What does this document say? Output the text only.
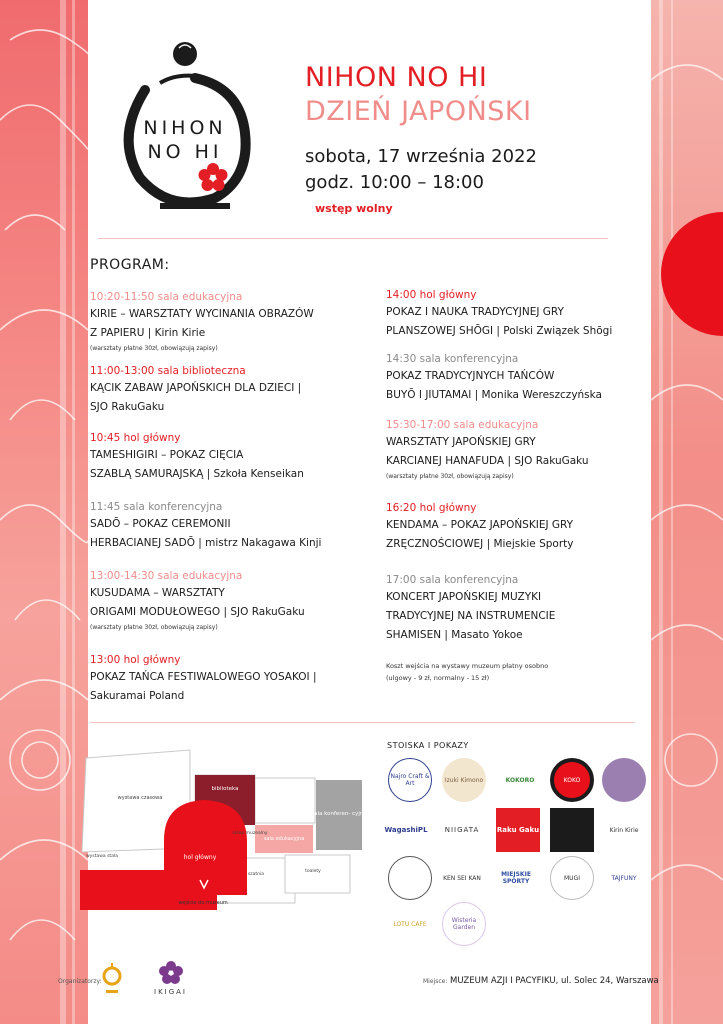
NIHON
NO HI
NIHON NO HI
DZIEŃ JAPOŃSKI
sobota, 17 września 2022
godz. 10:00 – 18:00
wstęp wolny
PROGRAM:
10:20-11:50 sala edukacyjna
KIRIE – WARSZTATY WYCINANIA OBRAZÓW
Z PAPIERU | Kirin Kirie
(warsztaty płatne 30zł, obowiązują zapisy)
11:00-13:00 sala biblioteczna
KĄCIK ZABAW JAPOŃSKICH DLA DZIECI |
SJO RakuGaku
10:45 hol główny
TAMESHIGIRI – POKAZ CIĘCIA
SZABLĄ SAMURAJSKĄ | Szkoła Kenseikan
11:45 sala konferencyjna
SADŌ – POKAZ CEREMONII
HERBACIANEJ SADŌ | mistrz Nakagawa Kinji
13:00-14:30 sala edukacyjna
KUSUDAMA – WARSZTATY
ORIGAMI MODUŁOWEGO | SJO RakuGaku
(warsztaty płatne 30zł, obowiązują zapisy)
13:00 hol główny
POKAZ TAŃCA FESTIWALOWEGO YOSAKOI |
Sakuramai Poland
14:00 hol główny
POKAZ I NAUKA TRADYCYJNEJ GRY
PLANSZOWEJ SHŌGI | Polski Związek Shōgi
14:30 sala konferencyjna
POKAZ TRADYCYJNYCH TAŃCÓW
BUYŌ I JIUTAMAI | Monika Wereszczyńska
15:30-17:00 sala edukacyjna
WARSZTATY JAPOŃSKIEJ GRY
KARCIANEJ HANAFUDA | SJO RakuGaku
(warsztaty płatne 30zł, obowiązują zapisy)
16:20 hol główny
KENDAMA – POKAZ JAPOŃSKIEJ GRY
ZRĘCZNOŚCIOWEJ | Miejskie Sporty
17:00 sala konferencyjna
KONCERT JAPOŃSKIEJ MUZYKI
TRADYCYJNEJ NA INSTRUMENCIE
SHAMISEN | Masato Yokoe
Koszt wejścia na wystawy muzeum płatny osobno
(ulgowy - 9 zł, normalny - 15 zł)
wystawa czasowa
biblioteka
sala konferen- cyjna
sklep muzealny
sala edukacyjna
wystawa stała	hol główny
szatnia
toalety
wejście do muzeum
STOISKA I POKAZY
Najro Craft & Art	Izuki Kimono	KOKORO	KOKO
WagashiPL	NIIGATA	Raku Gaku	Kirin Kirie
KEN SEI KAN	MIEJSKIE SPORTY	MUGI	TAJFUNY
LOTU CAFE	Wisteria Garden
Organizatorzy:
IKIGAI
Miejsce: MUZEUM AZJI I PACYFIKU, ul. Solec 24, Warszawa
